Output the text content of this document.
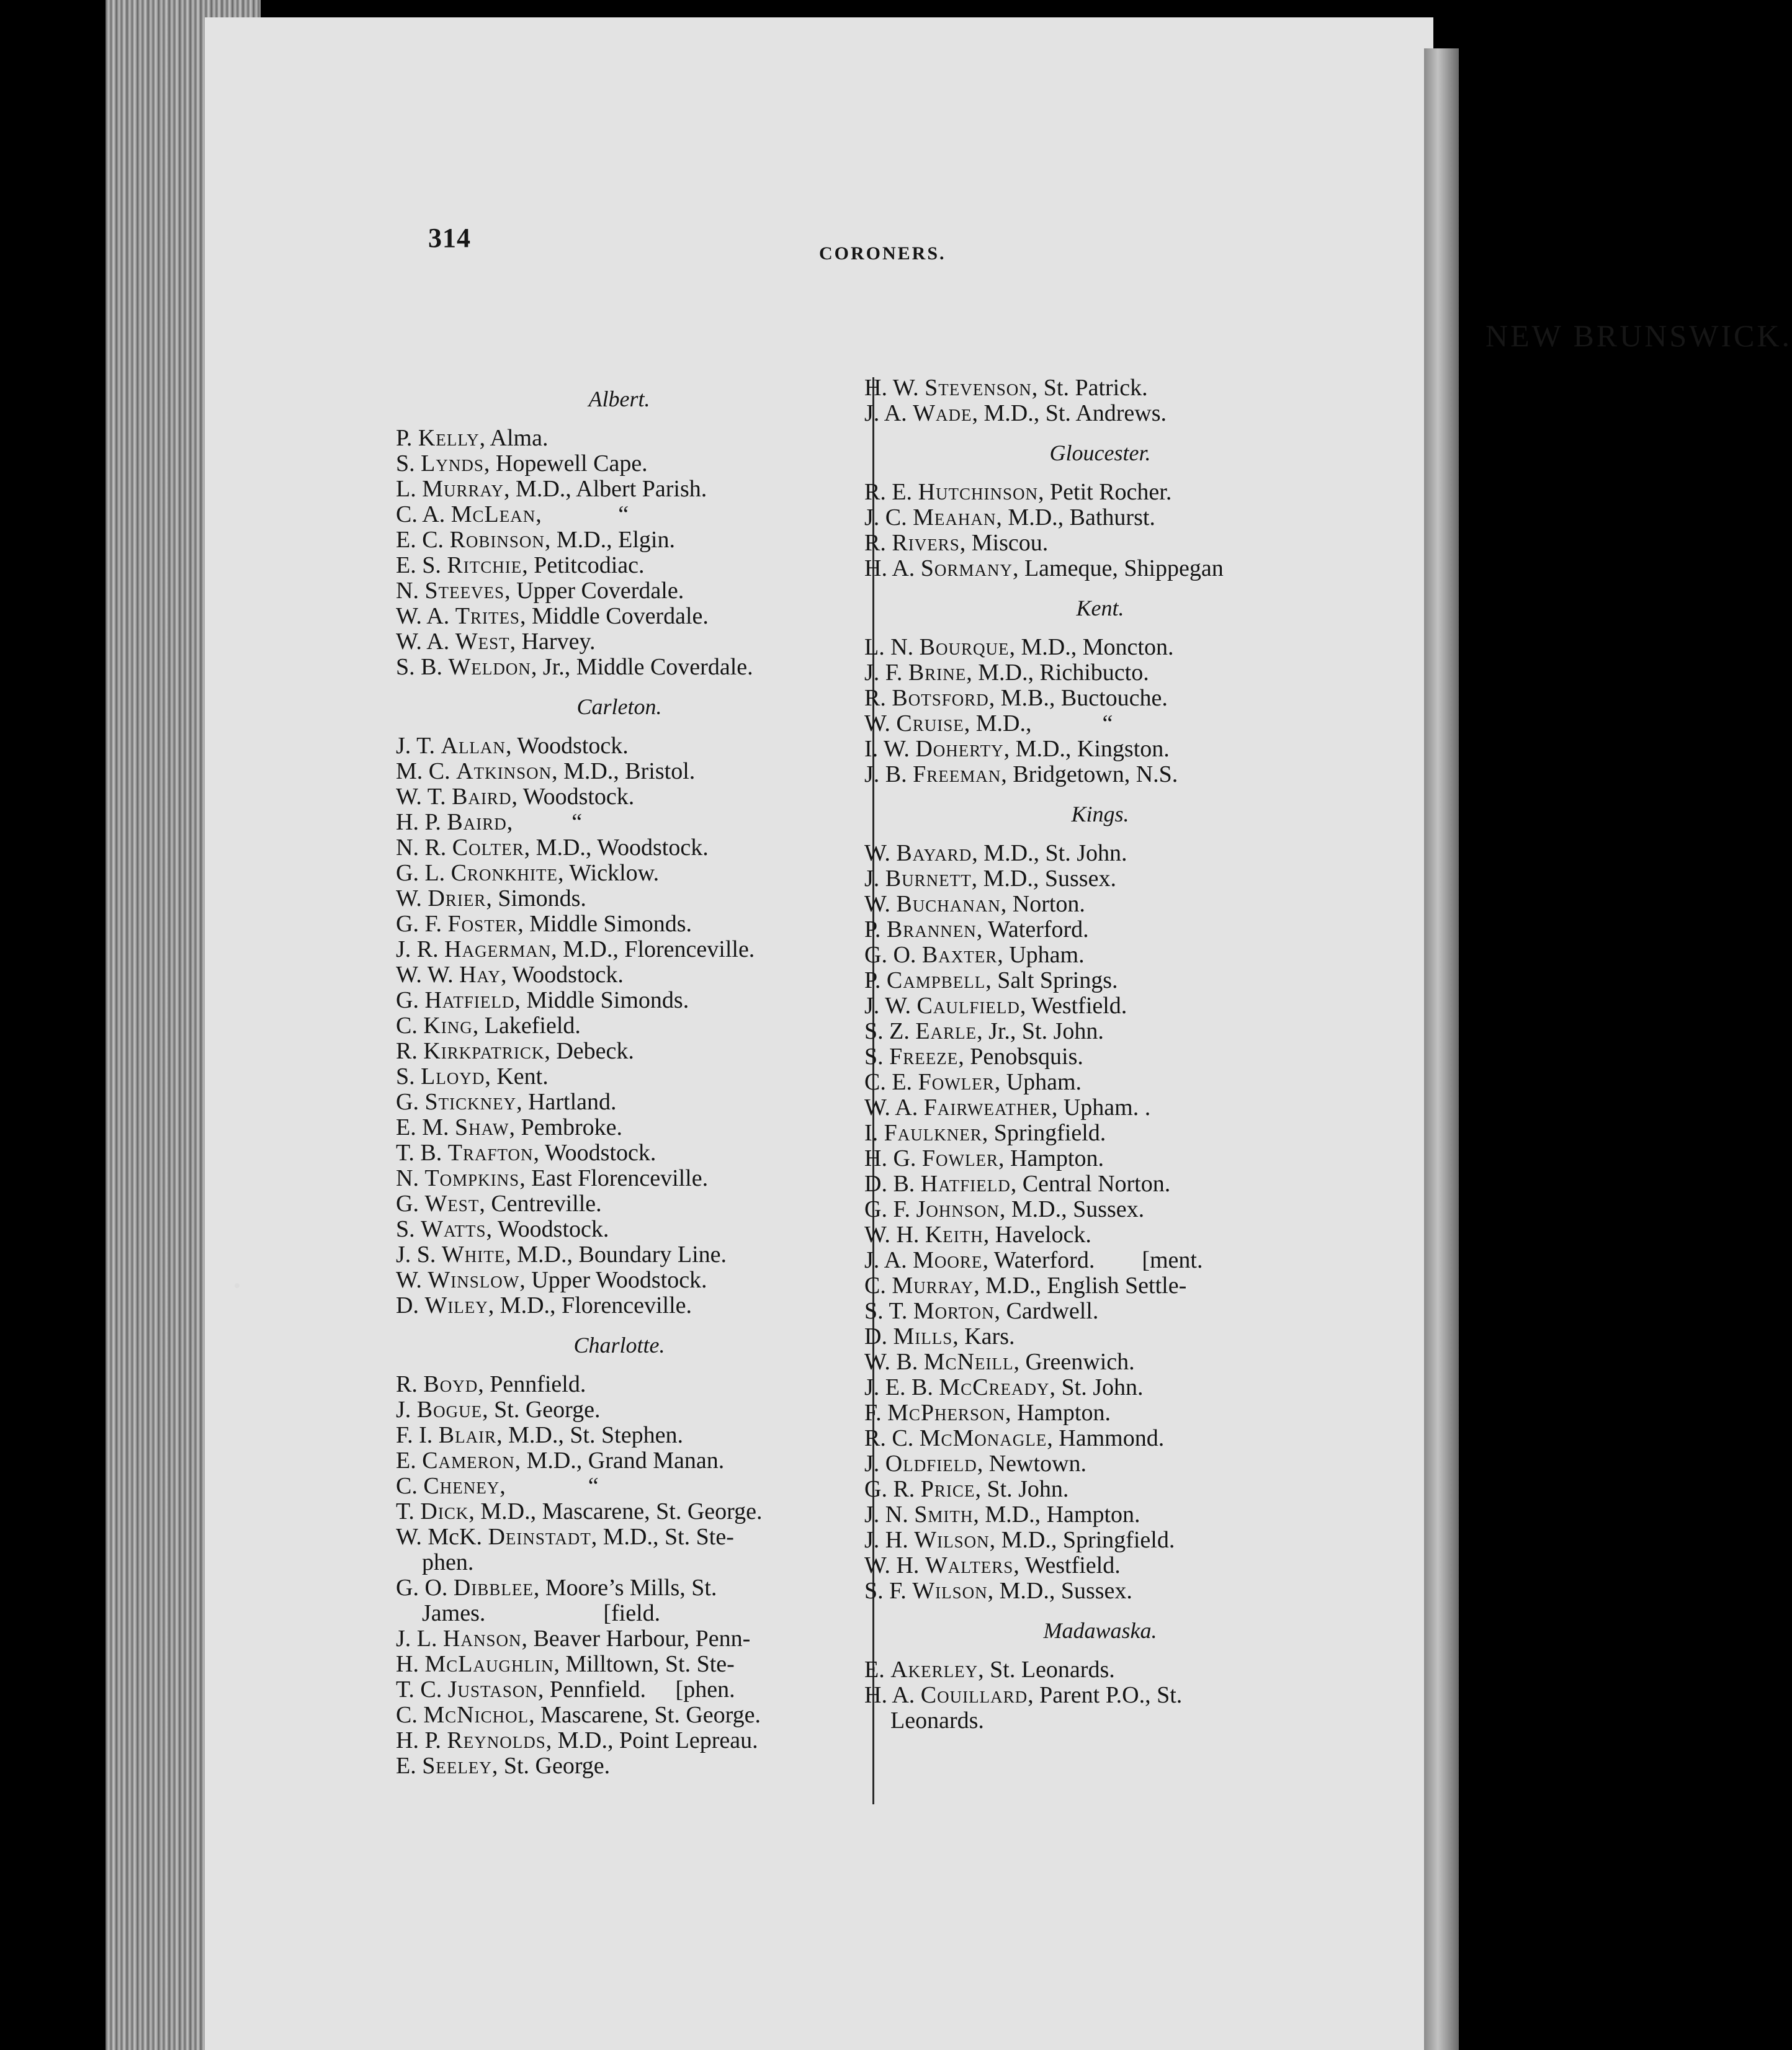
314
CORONERS.
NEW BRUNSWICK.

Albert.

P. Kelly, Alma.

S. Lynds, Hopewell Cape.

L. Murray, M.D., Albert Parish.

C. A. McLean,             “

E. C. Robinson, M.D., Elgin.

E. S. Ritchie, Petitcodiac.

N. Steeves, Upper Coverdale.

W. A. Trites, Middle Coverdale.

W. A. West, Harvey.

S. B. Weldon, Jr., Middle Coverdale.

Carleton.

J. T. Allan, Woodstock.

M. C. Atkinson, M.D., Bristol.

W. T. Baird, Woodstock.

H. P. Baird,          “

N. R. Colter, M.D., Woodstock.

G. L. Cronkhite, Wicklow.

W. Drier, Simonds.

G. F. Foster, Middle Simonds.

J. R. Hagerman, M.D., Florenceville.

W. W. Hay, Woodstock.

G. Hatfield, Middle Simonds.

C. King, Lakefield.

R. Kirkpatrick, Debeck.

S. Lloyd, Kent.

G. Stickney, Hartland.

E. M. Shaw, Pembroke.

T. B. Trafton, Woodstock.

N. Tompkins, East Florenceville.

G. West, Centreville.

S. Watts, Woodstock.

J. S. White, M.D., Boundary Line.

W. Winslow, Upper Woodstock.

D. Wiley, M.D., Florenceville.

Charlotte.

R. Boyd, Pennfield.

J. Bogue, St. George.

F. I. Blair, M.D., St. Stephen.

E. Cameron, M.D., Grand Manan.

C. Cheney,              “

T. Dick, M.D., Mascarene, St. George.

W. McK. Deinstadt, M.D., St. Ste-

phen.

G. O. Dibblee, Moore’s Mills, St.

James.                    [field.

J. L. Hanson, Beaver Harbour, Penn-

H. McLaughlin, Milltown, St. Ste-

T. C. Justason, Pennfield.     [phen.

C. McNichol, Mascarene, St. George.

H. P. Reynolds, M.D., Point Lepreau.

E. Seeley, St. George.

H. W. Stevenson, St. Patrick.

J. A. Wade, M.D., St. Andrews.

Gloucester.

R. E. Hutchinson, Petit Rocher.

J. C. Meahan, M.D., Bathurst.

R. Rivers, Miscou.

H. A. Sormany, Lameque, Shippegan

Kent.

L. N. Bourque, M.D., Moncton.

J. F. Brine, M.D., Richibucto.

R. Botsford, M.B., Buctouche.

W. Cruise, M.D.,            “

I. W. Doherty, M.D., Kingston.

J. B. Freeman, Bridgetown, N.S.

Kings.

W. Bayard, M.D., St. John.

J. Burnett, M.D., Sussex.

W. Buchanan, Norton.

P. Brannen, Waterford.

G. O. Baxter, Upham.

P. Campbell, Salt Springs.

J. W. Caulfield, Westfield.

S. Z. Earle, Jr., St. John.

S. Freeze, Penobsquis.

C. E. Fowler, Upham.

W. A. Fairweather, Upham. .

I. Faulkner, Springfield.

H. G. Fowler, Hampton.

D. B. Hatfield, Central Norton.

G. F. Johnson, M.D., Sussex.

W. H. Keith, Havelock.

J. A. Moore, Waterford.        [ment.

C. Murray, M.D., English Settle-

S. T. Morton, Cardwell.

D. Mills, Kars.

W. B. McNeill, Greenwich.

J. E. B. McCready, St. John.

F. McPherson, Hampton.

R. C. McMonagle, Hammond.

J. Oldfield, Newtown.

G. R. Price, St. John.

J. N. Smith, M.D., Hampton.

J. H. Wilson, M.D., Springfield.

W. H. Walters, Westfield.

S. F. Wilson, M.D., Sussex.

Madawaska.

E. Akerley, St. Leonards.

H. A. Couillard, Parent P.O., St.

Leonards.
